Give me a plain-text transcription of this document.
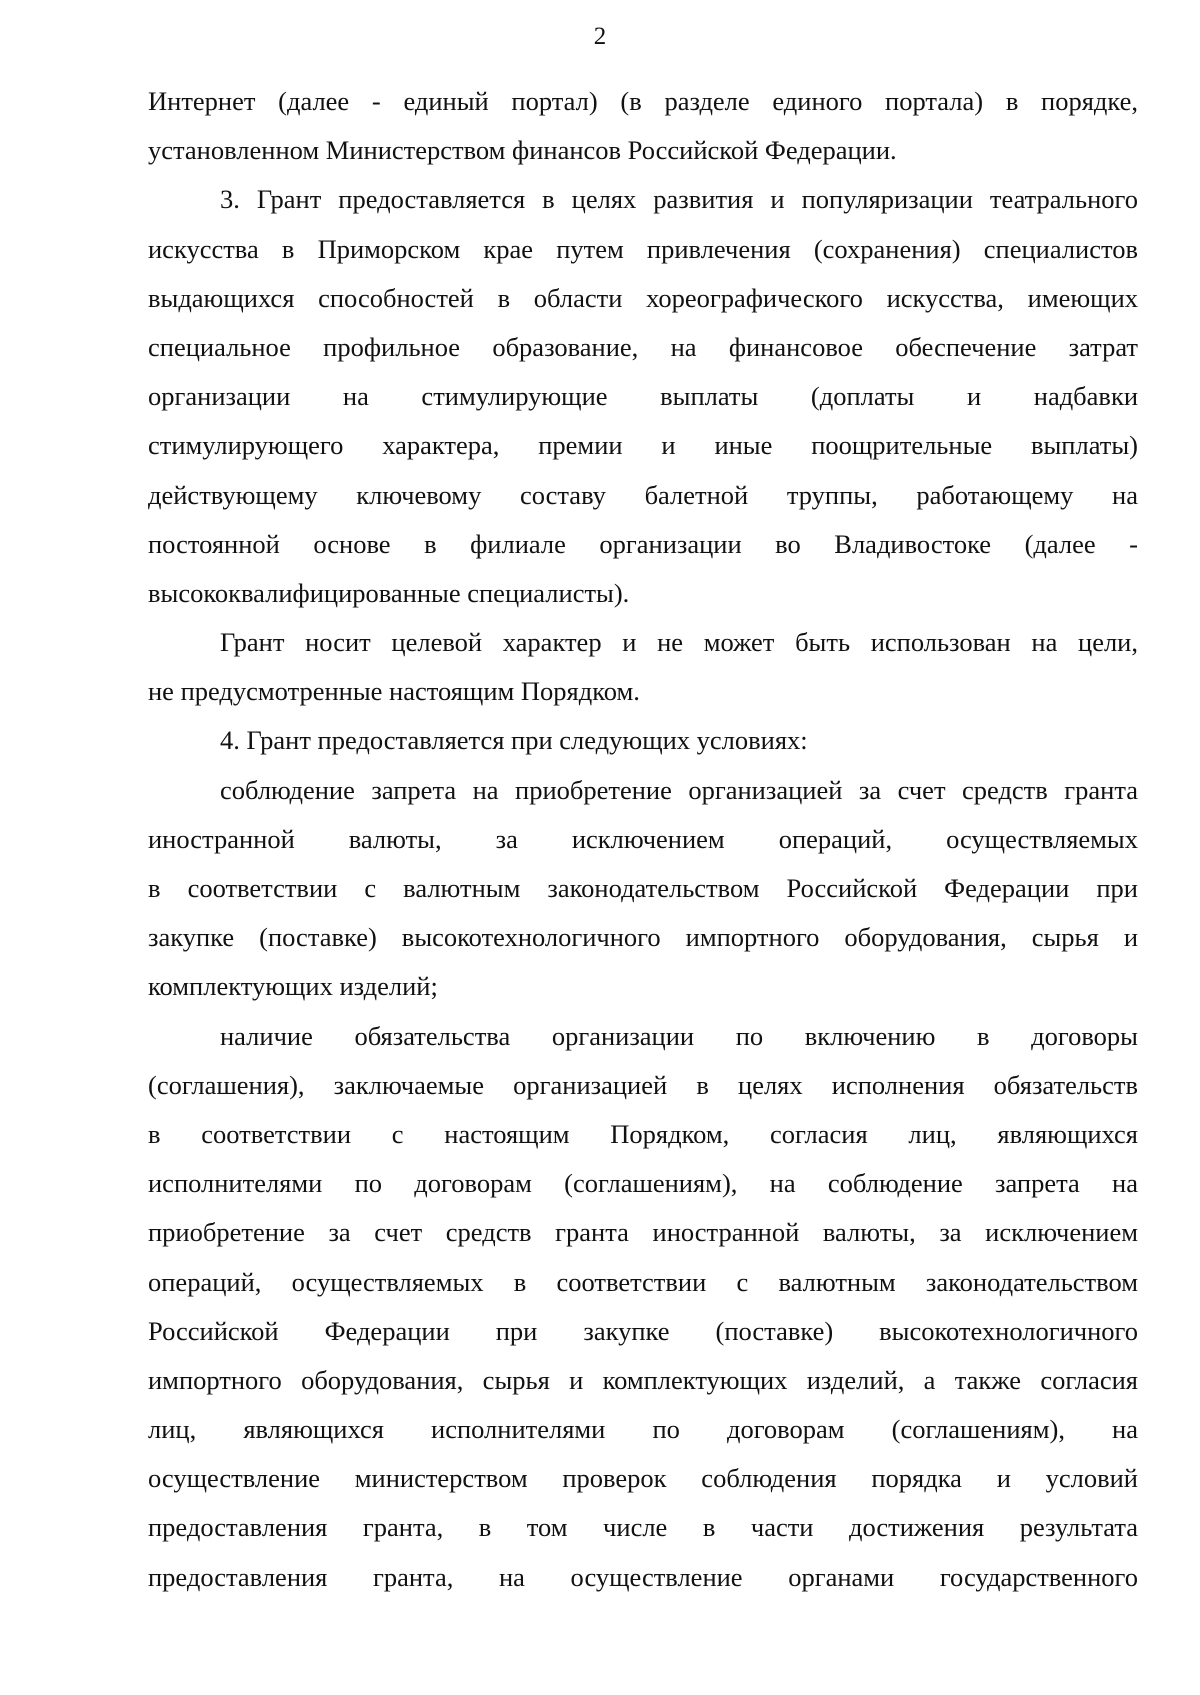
2
Интернет (далее - единый портал) (в разделе единого портала) в порядке,
установленном Министерством финансов Российской Федерации.
3. Грант предоставляется в целях развития и популяризации театрального
искусства в Приморском крае путем привлечения (сохранения) специалистов
выдающихся способностей в области хореографического искусства, имеющих
специальное профильное образование, на финансовое обеспечение затрат
организации на стимулирующие выплаты (доплаты и надбавки
стимулирующего характера, премии и иные поощрительные выплаты)
действующему ключевому составу балетной труппы, работающему на
постоянной основе в филиале организации во Владивостоке (далее -
высококвалифицированные специалисты).
Грант носит целевой характер и не может быть использован на цели,
не предусмотренные настоящим Порядком.
4. Грант предоставляется при следующих условиях:
соблюдение запрета на приобретение организацией за счет средств гранта
иностранной валюты, за исключением операций, осуществляемых
в соответствии с валютным законодательством Российской Федерации при
закупке (поставке) высокотехнологичного импортного оборудования, сырья и
комплектующих изделий;
наличие обязательства организации по включению в договоры
(соглашения), заключаемые организацией в целях исполнения обязательств
в соответствии с настоящим Порядком, согласия лиц, являющихся
исполнителями по договорам (соглашениям), на соблюдение запрета на
приобретение за счет средств гранта иностранной валюты, за исключением
операций, осуществляемых в соответствии с валютным законодательством
Российской Федерации при закупке (поставке) высокотехнологичного
импортного оборудования, сырья и комплектующих изделий, а также согласия
лиц, являющихся исполнителями по договорам (соглашениям), на
осуществление министерством проверок соблюдения порядка и условий
предоставления гранта, в том числе в части достижения результата
предоставления гранта, на осуществление органами государственного
